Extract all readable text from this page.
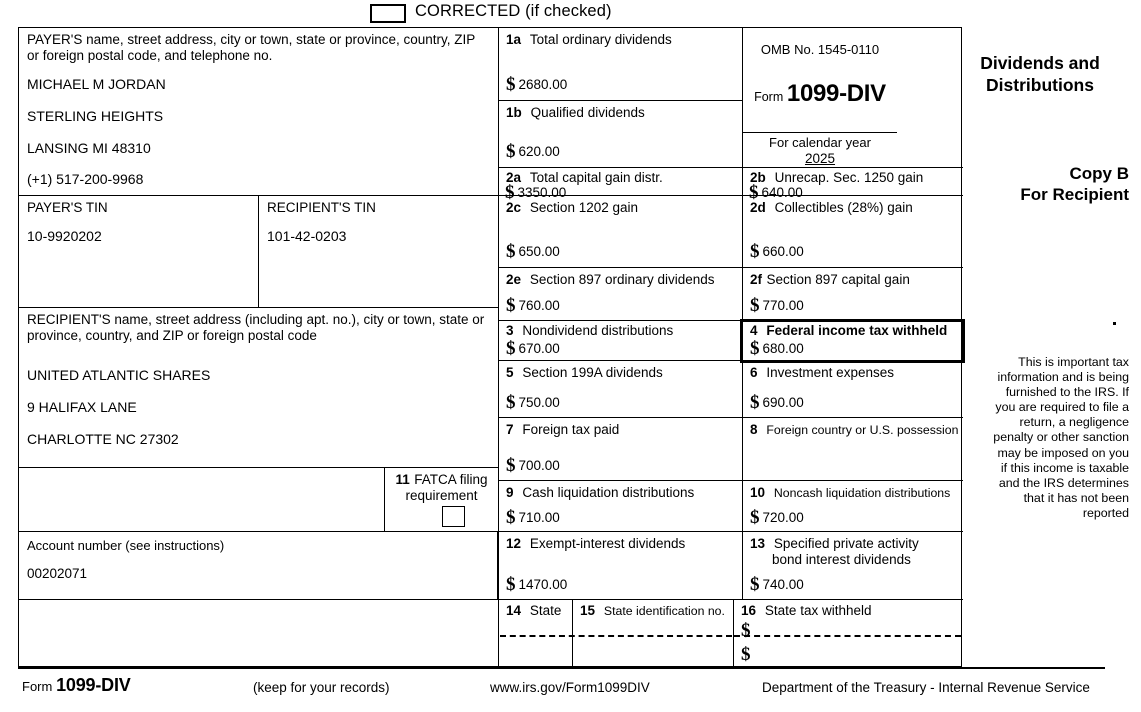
CORRECTED (if checked)
PAYER'S name, street address, city or town, state or province, country, ZIP or foreign postal code, and telephone no.
MICHAEL M JORDAN
STERLING HEIGHTS
LANSING MI 48310
(+1) 517-200-9968
PAYER'S TIN
10-9920202
RECIPIENT'S TIN
101-42-0203
RECIPIENT'S name, street address (including apt. no.), city or town, state or province, country, and ZIP or foreign postal code
UNITED ATLANTIC SHARES
9 HALIFAX LANE
CHARLOTTE NC 27302
11 FATCA filing
requirement
Account number (see instructions)
00202071
1a Total ordinary dividends
$ 2680.00
1b Qualified dividends
$ 620.00
OMB No. 1545-0110
Form 1099-DIV
For calendar year
2025
2a Total capital gain distr.
$ 3350.00
2b Unrecap. Sec. 1250 gain
$ 640.00
2c Section 1202 gain
$ 650.00
2d Collectibles (28%) gain
$ 660.00
2e Section 897 ordinary dividends
$ 760.00
2f Section 897 capital gain
$ 770.00
3 Nondividend distributions
$ 670.00
4 Federal income tax withheld
$ 680.00
5 Section 199A dividends
$ 750.00
6 Investment expenses
$ 690.00
7 Foreign tax paid
$ 700.00
8 Foreign country or U.S. possession
9 Cash liquidation distributions
$ 710.00
10 Noncash liquidation distributions
$ 720.00
12 Exempt-interest dividends
$ 1470.00
13 Specified private activity
bond interest dividends
$ 740.00
14 State 15 State identification no. 16 State tax withheld
$
$
Dividends and
Distributions
Copy B
For Recipient
This is important tax information and is being furnished to the IRS. If you are required to file a return, a negligence penalty or other sanction may be imposed on you if this income is taxable and the IRS determines that it has not been reported
Form 1099-DIV	(keep for your records)	www.irs.gov/Form1099DIV	Department of the Treasury - Internal Revenue Service
